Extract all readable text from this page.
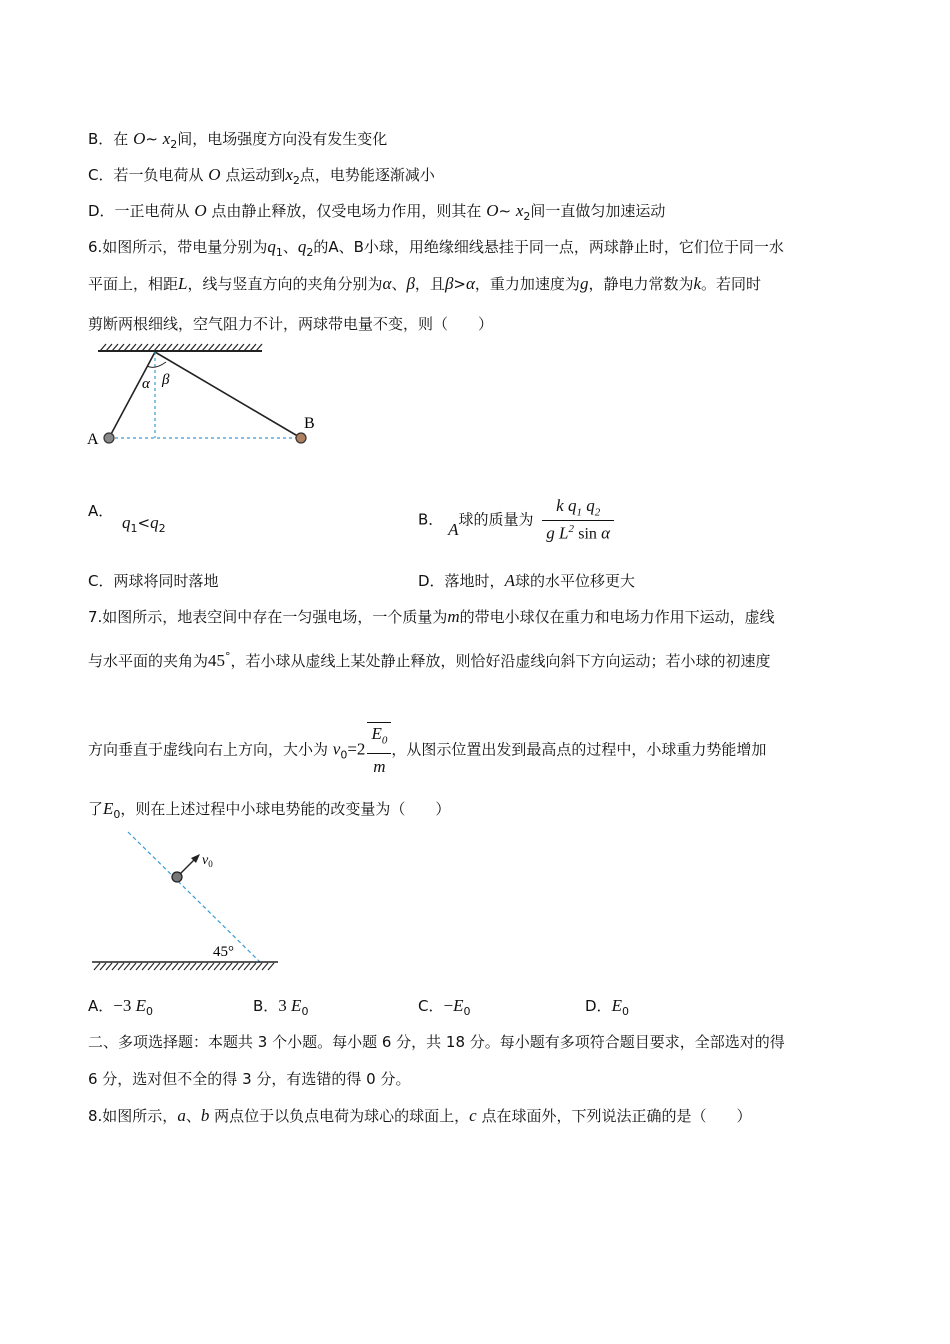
B．在 O∼ $x_2$间，电场强度方向没有发生变化
C．若一负电荷从 O 点运动到$x_2$点，电势能逐渐减小
D．一正电荷从 O 点由静止释放，仅受电场力作用，则其在 O∼ $x_2$间一直做匀加速运动
6.如图所示，带电量分别为$q_1$、$q_2$的A、B小球，用绝缘细线悬挂于同一点，两球静止时，它们位于同一水
平面上，相距L，线与竖直方向的夹角分别为α、β，且β>α，重力加速度为g，静电力常数为k。若同时
剪断两根细线，空气阻力不计，两球带电量不变，则（　　）
α β
A
B
A． $q_1<q_2$	B． A球的质量为 $\frac{k q_1 q_2}{g L^2 \sin \alpha}$
C．两球将同时落地	D．落地时，A球的水平位移更大
7.如图所示，地表空间中存在一匀强电场，一个质量为m的带电小球仅在重力和电场力作用下运动，虚线
与水平面的夹角为45°，若小球从虚线上某处静止释放，则恰好沿虚线向斜下方向运动；若小球的初速度
方向垂直于虚线向右上方向，大小为 $v_0=2 \frac{E_0}{m}$ ，从图示位置出发到最高点的过程中，小球重力势能增加
了$E_0$，则在上述过程中小球电势能的改变量为（　　）
$v_0$
45°
A．−3 $E_0$	B．3 $E_0$	C．$-E_0$	D．$E_0$
二、多项选择题：本题共 3 个小题。每小题 6 分，共 18 分。每小题有多项符合题目要求，全部选对的得
6 分，选对但不全的得 3 分，有选错的得 0 分。
8.如图所示，a、b 两点位于以负点电荷为球心的球面上，c 点在球面外，下列说法正确的是（　　）
